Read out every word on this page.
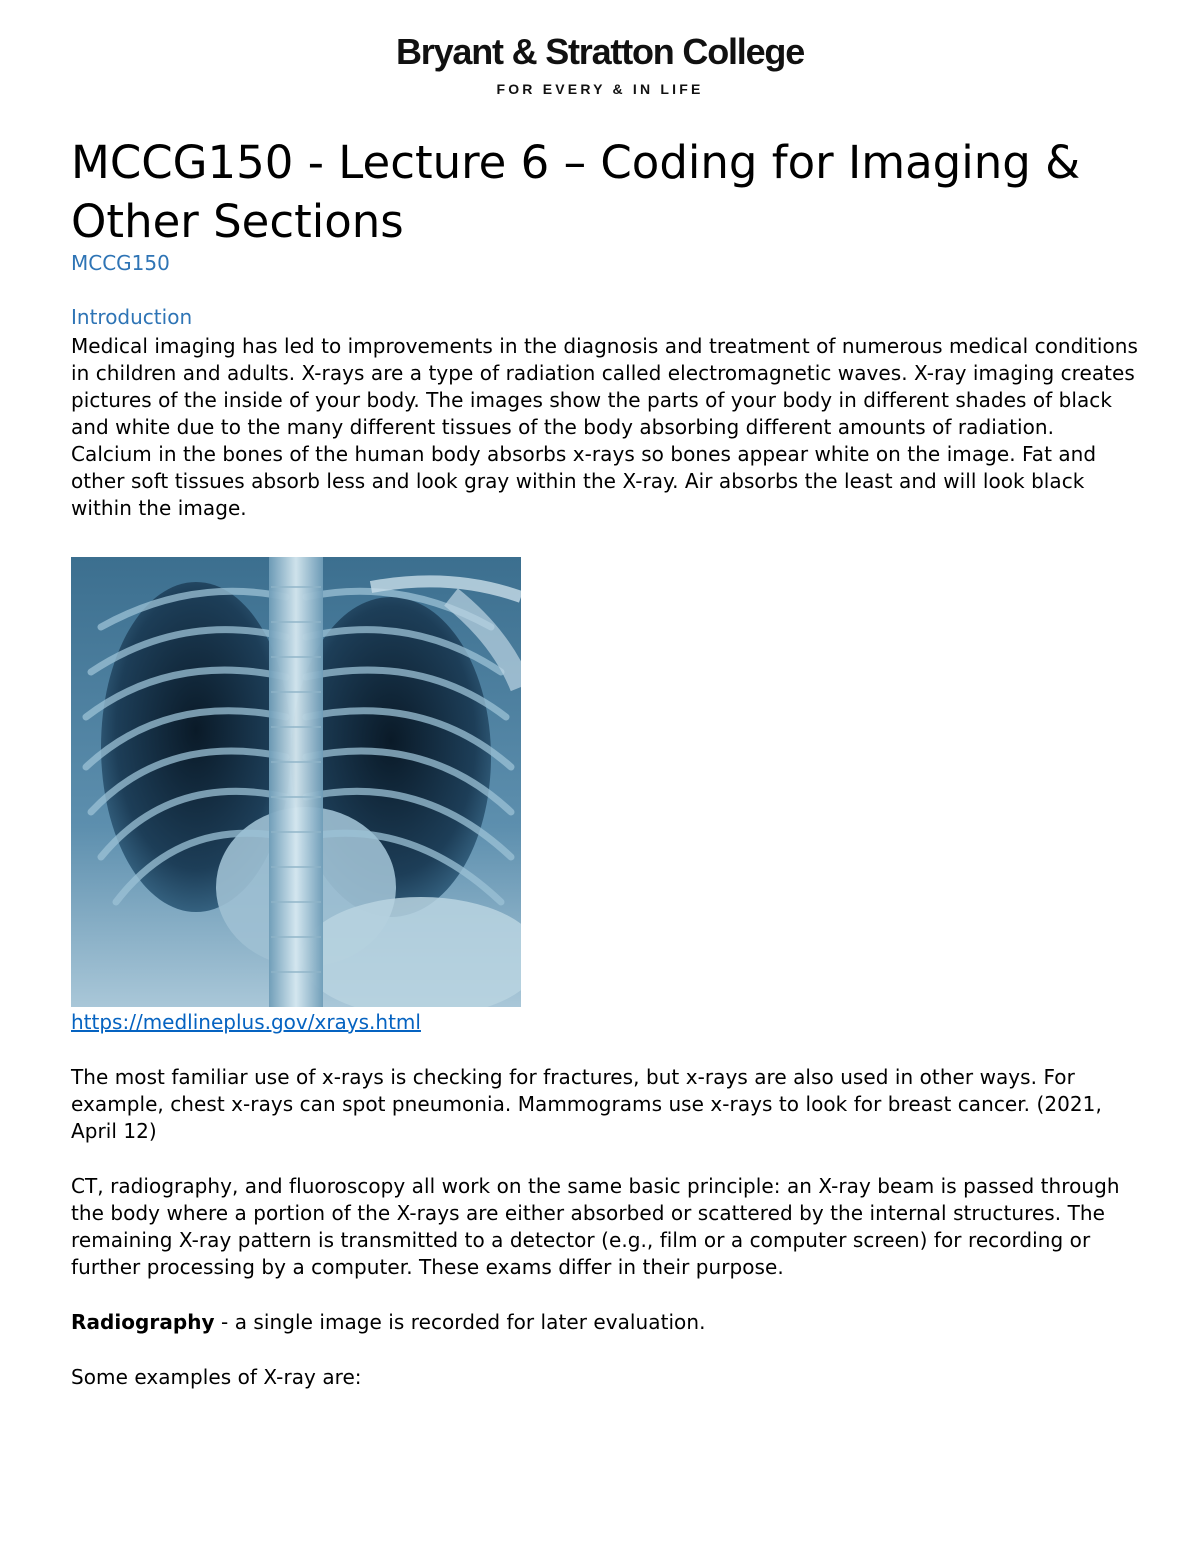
Bryant & Stratton College
FOR EVERY & IN LIFE
MCCG150 - Lecture 6 – Coding for Imaging & Other Sections
MCCG150
Introduction

Medical imaging has led to improvements in the diagnosis and treatment of numerous medical conditions in children and adults. X-rays are a type of radiation called electromagnetic waves. X-ray imaging creates pictures of the inside of your body. The images show the parts of your body in different shades of black and white due to the many different tissues of the body absorbing different amounts of radiation. Calcium in the bones of the human body absorbs x-rays so bones appear white on the image. Fat and other soft tissues absorb less and look gray within the X-ray. Air absorbs the least and will look black within the image.

https://medlineplus.gov/xrays.html

The most familiar use of x-rays is checking for fractures, but x-rays are also used in other ways. For example, chest x-rays can spot pneumonia. Mammograms use x-rays to look for breast cancer. (2021, April 12)

CT, radiography, and fluoroscopy all work on the same basic principle: an X-ray beam is passed through the body where a portion of the X-rays are either absorbed or scattered by the internal structures. The remaining X-ray pattern is transmitted to a detector (e.g., film or a computer screen) for recording or further processing by a computer. These exams differ in their purpose.

Radiography - a single image is recorded for later evaluation.

Some examples of X-ray are:
